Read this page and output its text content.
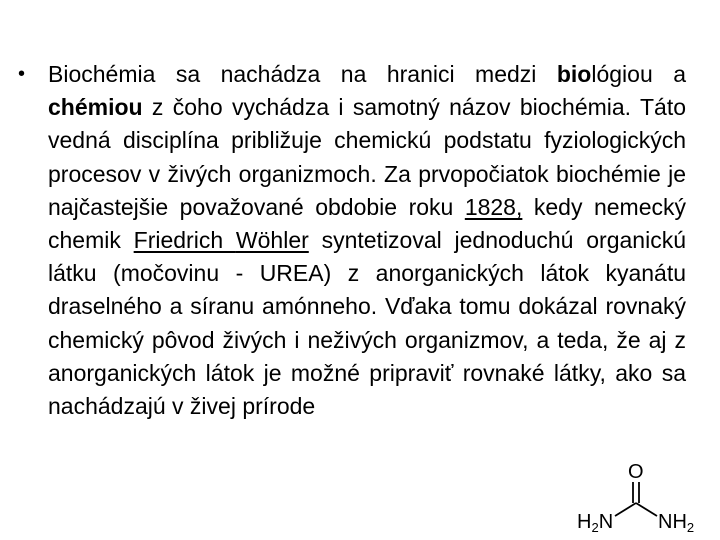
• Biochémia sa nachádza na hranici medzi biológiou a chémiou z čoho vychádza i samotný názov biochémia. Táto vedná disciplína približuje chemickú podstatu fyziologických procesov v živých organizmoch. Za prvopočiatok biochémie je najčastejšie považované obdobie roku 1828, kedy nemecký chemik Friedrich Wöhler syntetizoval jednoduchú organickú látku (močovinu - UREA) z anorganických látok kyanátu draselného a síranu amónneho. Vďaka tomu dokázal rovnaký chemický pôvod živých i neživých organizmov, a teda, že aj z anorganických látok je možné pripraviť rovnaké látky, ako sa nachádzajú v živej prírode
O
$H_2N$ $NH_2$
